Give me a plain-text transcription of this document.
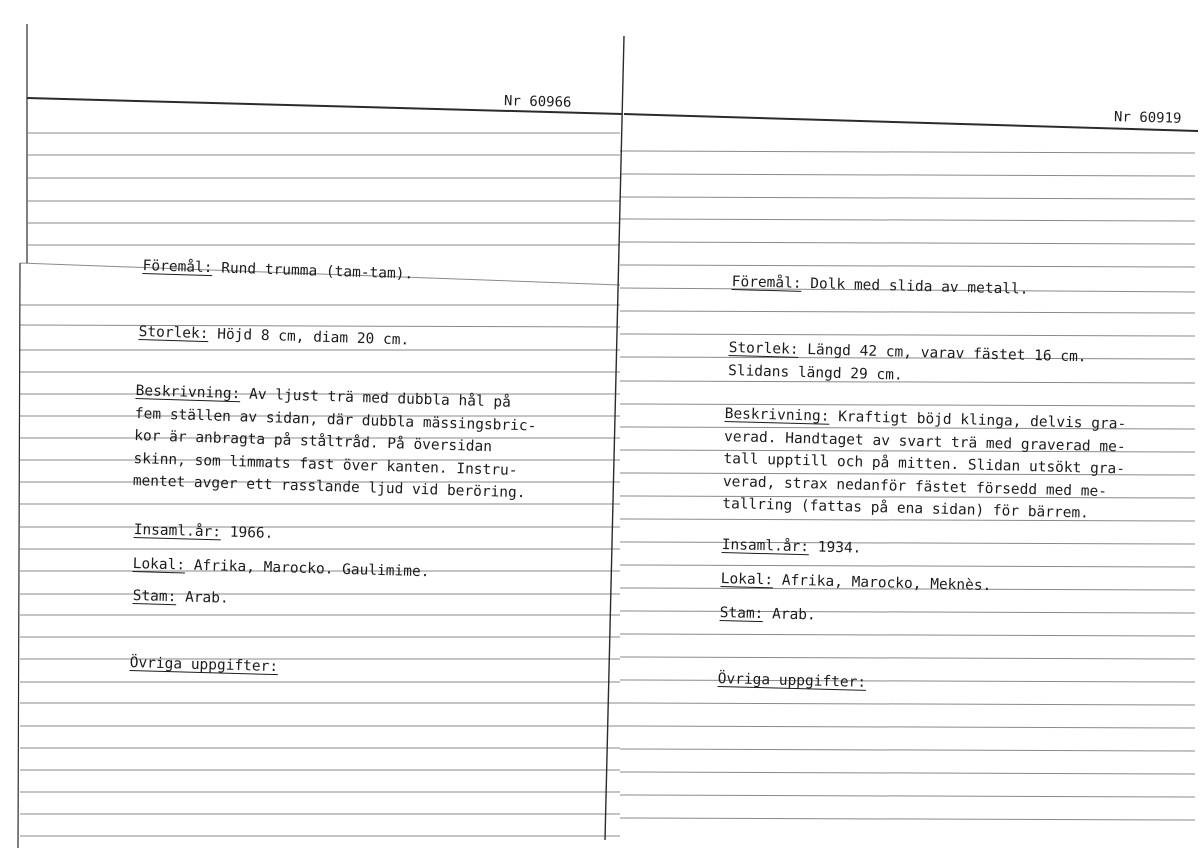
Nr 60966
Föremål: Rund trumma (tam-tam).
Storlek: Höjd 8 cm, diam 20 cm.
Beskrivning: Av ljust trä med dubbla hål på
fem ställen av sidan, där dubbla mässingsbric-
kor är anbragta på ståltråd. På översidan
skinn, som limmats fast över kanten. Instru-
mentet avger ett rasslande ljud vid beröring.
Insaml.år: 1966.
Lokal: Afrika, Marocko. Gaulimime.
Stam: Arab.
Övriga uppgifter:
Nr 60919
Föremål: Dolk med slida av metall.
Storlek: Längd 42 cm, varav fästet 16 cm.
Slidans längd 29 cm.
Beskrivning: Kraftigt böjd klinga, delvis gra-
verad. Handtaget av svart trä med graverad me-
tall upptill och på mitten. Slidan utsökt gra-
verad, strax nedanför fästet försedd med me-
tallring (fattas på ena sidan) för bärrem.
Insaml.år: 1934.
Lokal: Afrika, Marocko, Meknès.
Stam: Arab.
Övriga uppgifter:
